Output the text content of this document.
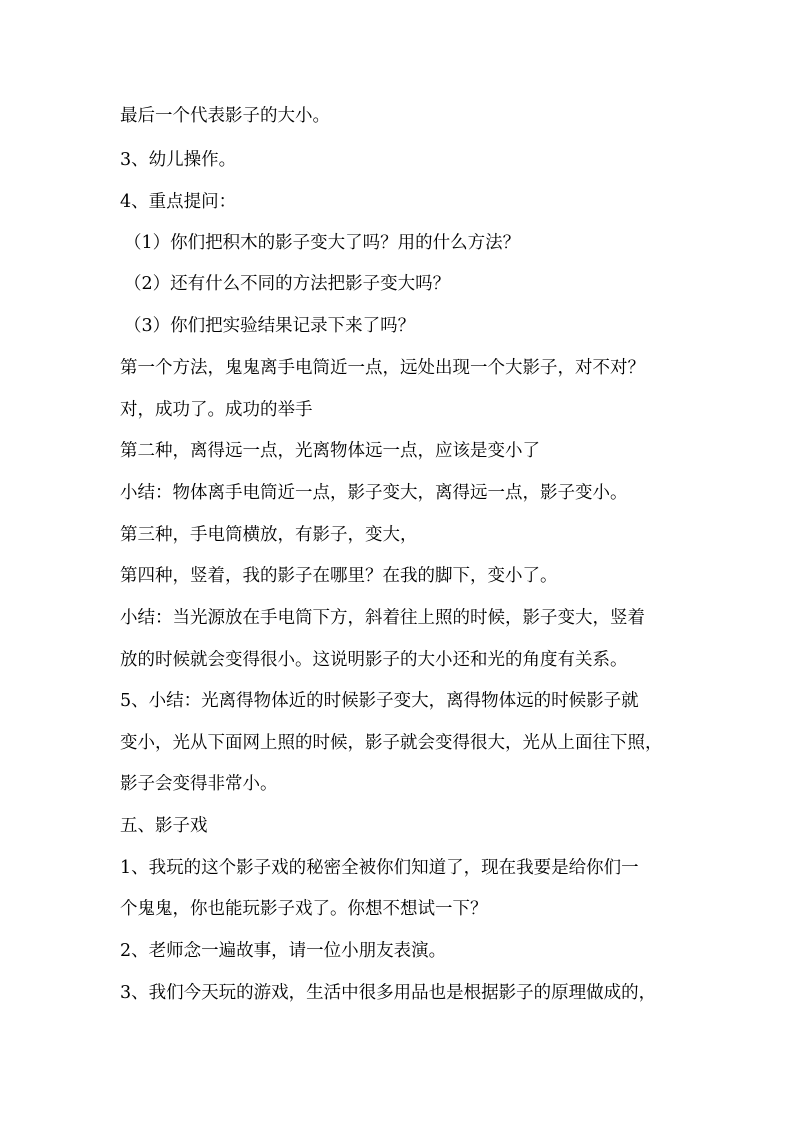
最后一个代表影子的大小。
3、幼儿操作。
4、重点提问：
（1）你们把积木的影子变大了吗？用的什么方法？
（2）还有什么不同的方法把影子变大吗？
（3）你们把实验结果记录下来了吗？
第一个方法，鬼鬼离手电筒近一点，远处出现一个大影子，对不对？
对，成功了。成功的举手
第二种，离得远一点，光离物体远一点，应该是变小了
小结：物体离手电筒近一点，影子变大，离得远一点，影子变小。
第三种，手电筒横放，有影子，变大，
第四种，竖着，我的影子在哪里？在我的脚下，变小了。
小结：当光源放在手电筒下方，斜着往上照的时候，影子变大，竖着
放的时候就会变得很小。这说明影子的大小还和光的角度有关系。
5、小结：光离得物体近的时候影子变大，离得物体远的时候影子就
变小，光从下面网上照的时候，影子就会变得很大，光从上面往下照，
影子会变得非常小。
五、影子戏
1、我玩的这个影子戏的秘密全被你们知道了，现在我要是给你们一
个鬼鬼，你也能玩影子戏了。你想不想试一下？
2、老师念一遍故事，请一位小朋友表演。
3、我们今天玩的游戏，生活中很多用品也是根据影子的原理做成的，
